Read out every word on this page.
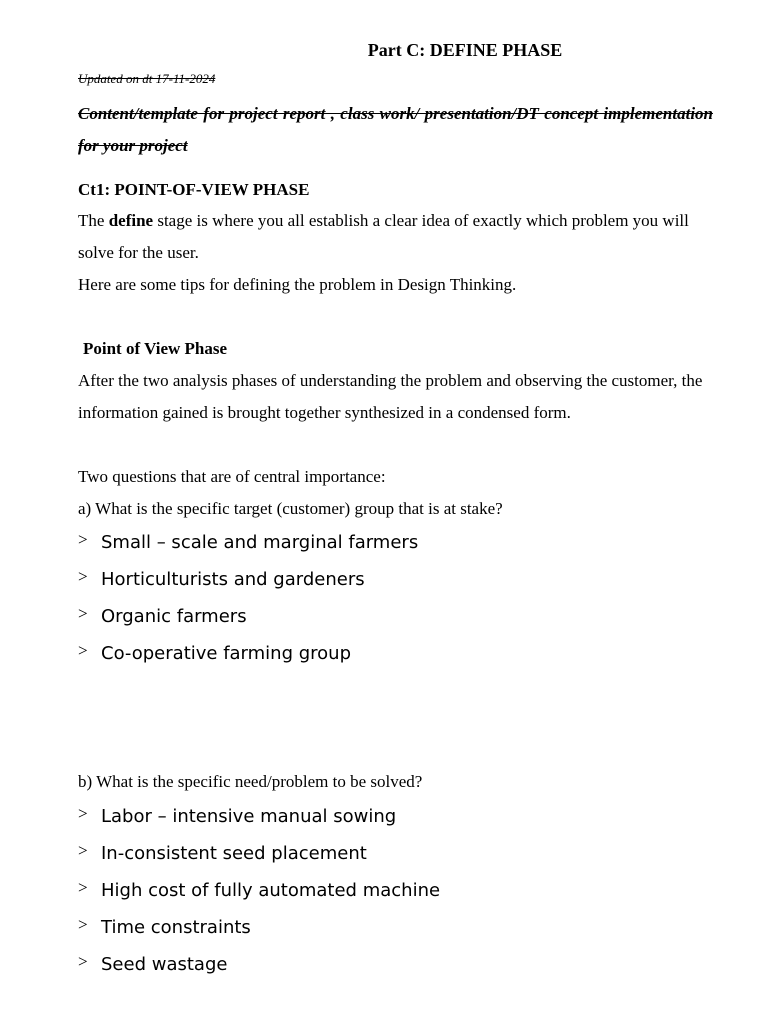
Part C: DEFINE PHASE
Updated on dt 17-11-2024
Content/template for project report , class work/ presentation/DT concept implementation for your project
Ct1: POINT-OF-VIEW PHASE
The define stage is where you all establish a clear idea of exactly which problem you will solve for the user.
Here are some tips for defining the problem in Design Thinking.
Point of View Phase
After the two analysis phases of understanding the problem and observing the customer, the information gained is brought together synthesized in a condensed form.
Two questions that are of central importance:
a) What is the specific target (customer) group that is at stake?
> Small – scale and marginal farmers
> Horticulturists and gardeners
> Organic farmers
> Co-operative farming group
b) What is the specific need/problem to be solved?
> Labor – intensive manual sowing
> In-consistent seed placement
> High cost of fully automated machine
> Time constraints
> Seed wastage
